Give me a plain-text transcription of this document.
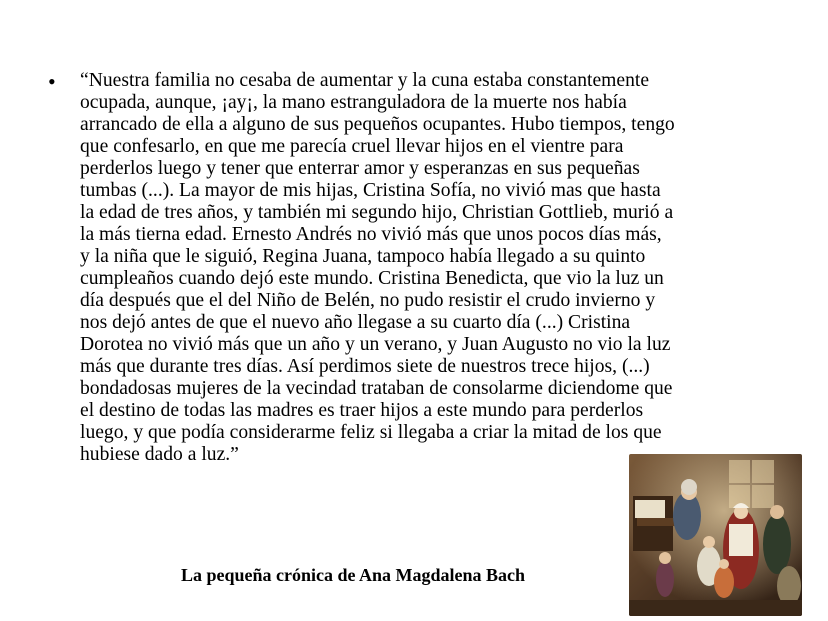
• “Nuestra familia no cesaba de aumentar y la cuna estaba constantemente
ocupada, aunque, ¡ay¡, la mano estranguladora de la muerte nos había
arrancado de ella a alguno de sus pequeños ocupantes. Hubo tiempos, tengo
que confesarlo, en que me parecía cruel llevar hijos en el vientre para
perderlos luego y tener que enterrar amor y esperanzas en sus pequeñas
tumbas (...). La mayor de mis hijas, Cristina Sofía, no vivió mas que hasta
la edad de tres años, y también mi segundo hijo, Christian Gottlieb, murió a
la más tierna edad. Ernesto Andrés no vivió más que unos pocos días más,
y la niña que le siguió, Regina Juana, tampoco había llegado a su quinto
cumpleaños cuando dejó este mundo. Cristina Benedicta, que vio la luz un
día después que el del Niño de Belén, no pudo resistir el crudo invierno y
nos dejó antes de que el nuevo año llegase a su cuarto día (...) Cristina
Dorotea no vivió más que un año y un verano, y Juan Augusto no vio la luz
más que durante tres días. Así perdimos siete de nuestros trece hijos, (...)
bondadosas mujeres de la vecindad trataban de consolarme diciendome que
el destino de todas las madres es traer hijos a este mundo para perderlos
luego, y que podía considerarme feliz si llegaba a criar la mitad de los que
hubiese dado a luz.”

La pequeña crónica de Ana Magdalena Bach
